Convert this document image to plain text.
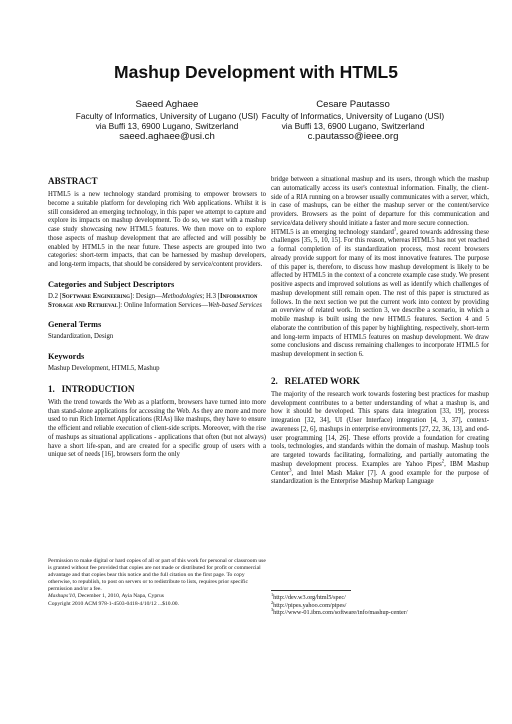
Mashup Development with HTML5
Saeed Aghaee
Faculty of Informatics, University of Lugano (USI)
via Buffi 13, 6900 Lugano, Switzerland
saeed.aghaee@usi.ch
Cesare Pautasso
Faculty of Informatics, University of Lugano (USI)
via Buffi 13, 6900 Lugano, Switzerland
c.pautasso@ieee.org
ABSTRACT

HTML5 is a new technology standard promising to empower browsers to become a suitable platform for developing rich Web applications. Whilst it is still considered an emerging technology, in this paper we attempt to capture and explore its impacts on mashup development. To do so, we start with a mashup case study showcasing new HTML5 features. We then move on to explore those aspects of mashup development that are affected and will possibly be enabled by HTML5 in the near future. These aspects are grouped into two categories: short-term impacts, that can be harnessed by mashup developers, and long-term impacts, that should be considered by service/content providers.

Categories and Subject Descriptors

D.2 [Software Engineering]: Design—Methodologies; H.3 [Information Storage and Retrieval]: Online Information Services—Web-based Services

General Terms

Standardization, Design

Keywords

Mashup Development, HTML5, Mashup

1.   INTRODUCTION

With the trend towards the Web as a platform, browsers have turned into more than stand-alone applications for accessing the Web. As they are more and more used to run Rich Internet Applications (RIAs) like mashups, they have to ensure the efficient and reliable execution of client-side scripts. Moreover, with the rise of mashups as situational applications - applications that often (but not always) have a short life-span, and are created for a specific group of users with a unique set of needs [16], browsers form the only

Permission to make digital or hard copies of all or part of this work for personal or classroom use is granted without fee provided that copies are not made or distributed for profit or commercial advantage and that copies bear this notice and the full citation on the first page. To copy otherwise, to republish, to post on servers or to redistribute to lists, requires prior specific permission and/or a fee.

Mashups'10, December 1, 2010, Ayia Napa, Cyprus

Copyright 2010 ACM 978-1-4503-0418-4/10/12 ...$10.00.

bridge between a situational mashup and its users, through which the mashup can automatically access its user's contextual information. Finally, the client-side of a RIA running on a browser usually communicates with a server, which, in case of mashups, can be either the mashup server or the content/service providers. Browsers as the point of departure for this communication and service/data delivery should initiate a faster and more secure connection.

HTML5 is an emerging technology standard$^1$, geared towards addressing these challenges [35, 5, 10, 15]. For this reason, whereas HTML5 has not yet reached a formal completion of its standardization process, most recent browsers already provide support for many of its most innovative features. The purpose of this paper is, therefore, to discuss how mashup development is likely to be affected by HTML5 in the context of a concrete example case study. We present positive aspects and improved solutions as well as identify which challenges of mashup development still remain open. The rest of this paper is structured as follows. In the next section we put the current work into context by providing an overview of related work. In section 3, we describe a scenario, in which a mobile mashup is built using the new HTML5 features. Section 4 and 5 elaborate the contribution of this paper by highlighting, respectively, short-term and long-term impacts of HTML5 features on mashup development. We draw some conclusions and discuss remaining challenges to incorporate HTML5 for mashup development in section 6.

2.   RELATED WORK

The majority of the research work towards fostering best practices for mashup development contributes to a better understanding of what a mashup is, and how it should be developed. This spans data integration [33, 19], process integration [32, 34], UI (User Interface) integration [4, 3, 37], context-awareness [2, 6], mashups in enterprise environments [27, 22, 36, 13], and end-user programming [14, 26]. These efforts provide a foundation for creating tools, technologies, and standards within the domain of mashup. Mashup tools are targeted towards facilitating, formalizing, and partially automating the mashup development process. Examples are Yahoo Pipes$^2$, IBM Mashup Center$^3$, and Intel Mash Maker [7]. A good example for the purpose of standardization is the Enterprise Mashup Markup Language

$^1$http://dev.w3.org/html5/spec/

$^2$http://pipes.yahoo.com/pipes/

$^3$http://www-01.ibm.com/software/info/mashup-center/
